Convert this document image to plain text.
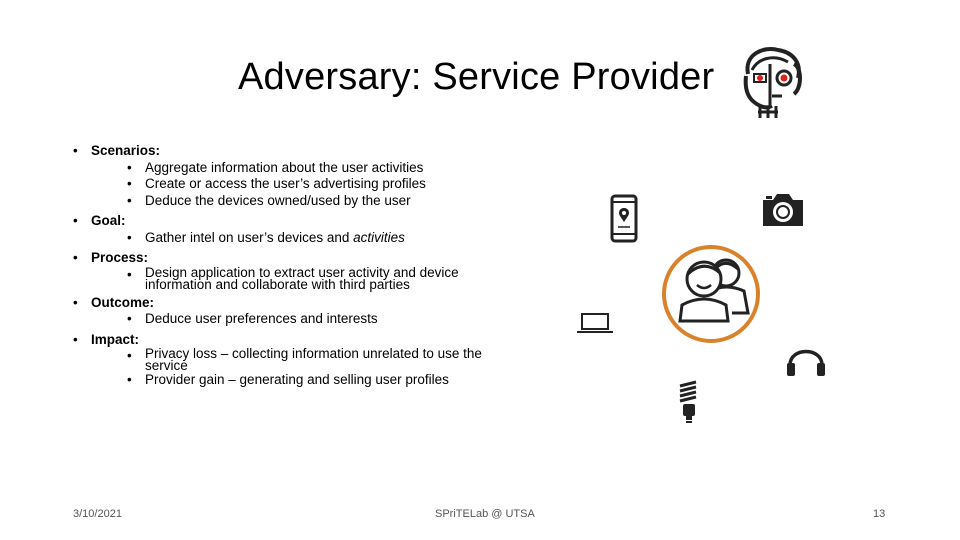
Adversary: Service Provider
• Scenarios:
• Aggregate information about the user activities
• Create or access the user’s advertising profiles
• Deduce the devices owned/used by the user
• Goal:
• Gather intel on user’s devices and activities
• Process:
• Design application to extract user activity and device
information and collaborate with third parties
• Outcome:
• Deduce user preferences and interests
• Impact:
• Privacy loss – collecting information unrelated to use the
service
• Provider gain – generating and selling user profiles
3/10/2021	SPriTELab @ UTSA	13
